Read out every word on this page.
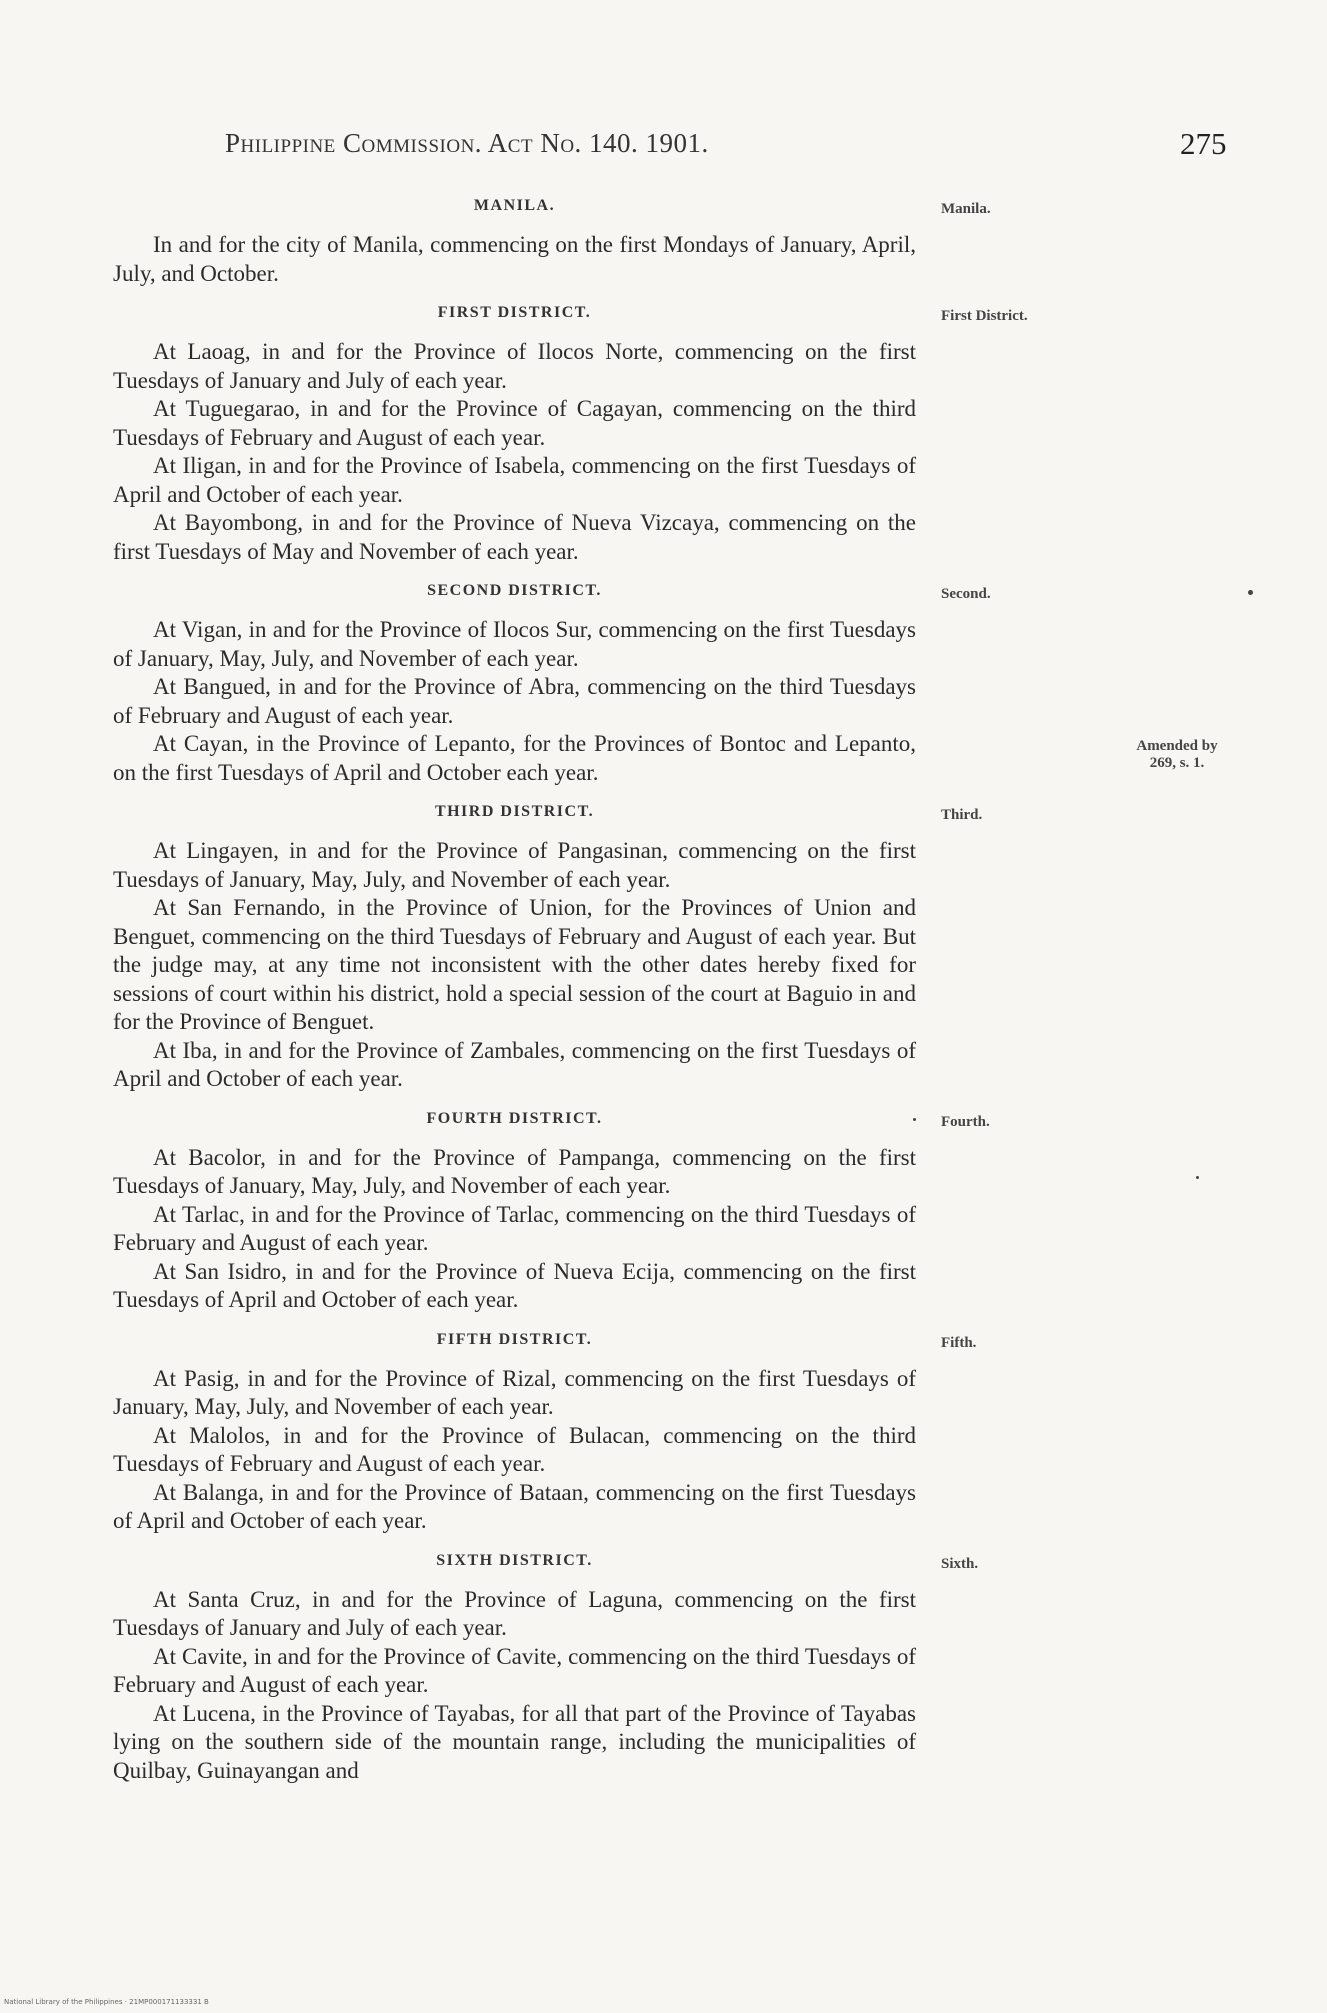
Philippine Commission. Act No. 140. 1901.	275
MANILA.	Manila.

In and for the city of Manila, commencing on the first Mondays of January, April, July, and October.

FIRST DISTRICT.	First District.

At Laoag, in and for the Province of Ilocos Norte, commencing on the first Tuesdays of January and July of each year.

At Tuguegarao, in and for the Province of Cagayan, commencing on the third Tuesdays of February and August of each year.

At Iligan, in and for the Province of Isabela, commencing on the first Tuesdays of April and October of each year.

At Bayombong, in and for the Province of Nueva Vizcaya, commencing on the first Tuesdays of May and November of each year.

SECOND DISTRICT.	Second.

At Vigan, in and for the Province of Ilocos Sur, commencing on the first Tuesdays of January, May, July, and November of each year.

At Bangued, in and for the Province of Abra, commencing on the third Tuesdays of February and August of each year.

At Cayan, in the Province of Lepanto, for the Provinces of Bontoc and Lepanto, on the first Tuesdays of April and October each year.

THIRD DISTRICT.	Third.

At Lingayen, in and for the Province of Pangasinan, commencing on the first Tuesdays of January, May, July, and November of each year.

At San Fernando, in the Province of Union, for the Provinces of Union and Benguet, commencing on the third Tuesdays of February and August of each year. But the judge may, at any time not inconsistent with the other dates hereby fixed for sessions of court within his district, hold a special session of the court at Baguio in and for the Province of Benguet.

At Iba, in and for the Province of Zambales, commencing on the first Tuesdays of April and October of each year.

FOURTH DISTRICT.	Fourth.

At Bacolor, in and for the Province of Pampanga, commencing on the first Tuesdays of January, May, July, and November of each year.

At Tarlac, in and for the Province of Tarlac, commencing on the third Tuesdays of February and August of each year.

At San Isidro, in and for the Province of Nueva Ecija, commencing on the first Tuesdays of April and October of each year.

FIFTH DISTRICT.	Fifth.

At Pasig, in and for the Province of Rizal, commencing on the first Tuesdays of January, May, July, and November of each year.

At Malolos, in and for the Province of Bulacan, commencing on the third Tuesdays of February and August of each year.

At Balanga, in and for the Province of Bataan, commencing on the first Tuesdays of April and October of each year.

SIXTH DISTRICT.	Sixth.

At Santa Cruz, in and for the Province of Laguna, commencing on the first Tuesdays of January and July of each year.

At Cavite, in and for the Province of Cavite, commencing on the third Tuesdays of February and August of each year.

At Lucena, in the Province of Tayabas, for all that part of the Province of Tayabas lying on the southern side of the mountain range, including the municipalities of Quilbay, Guinayangan and

Amended by 269, s. 1.
National Library of the Philippines · 21MP000171133331 B
